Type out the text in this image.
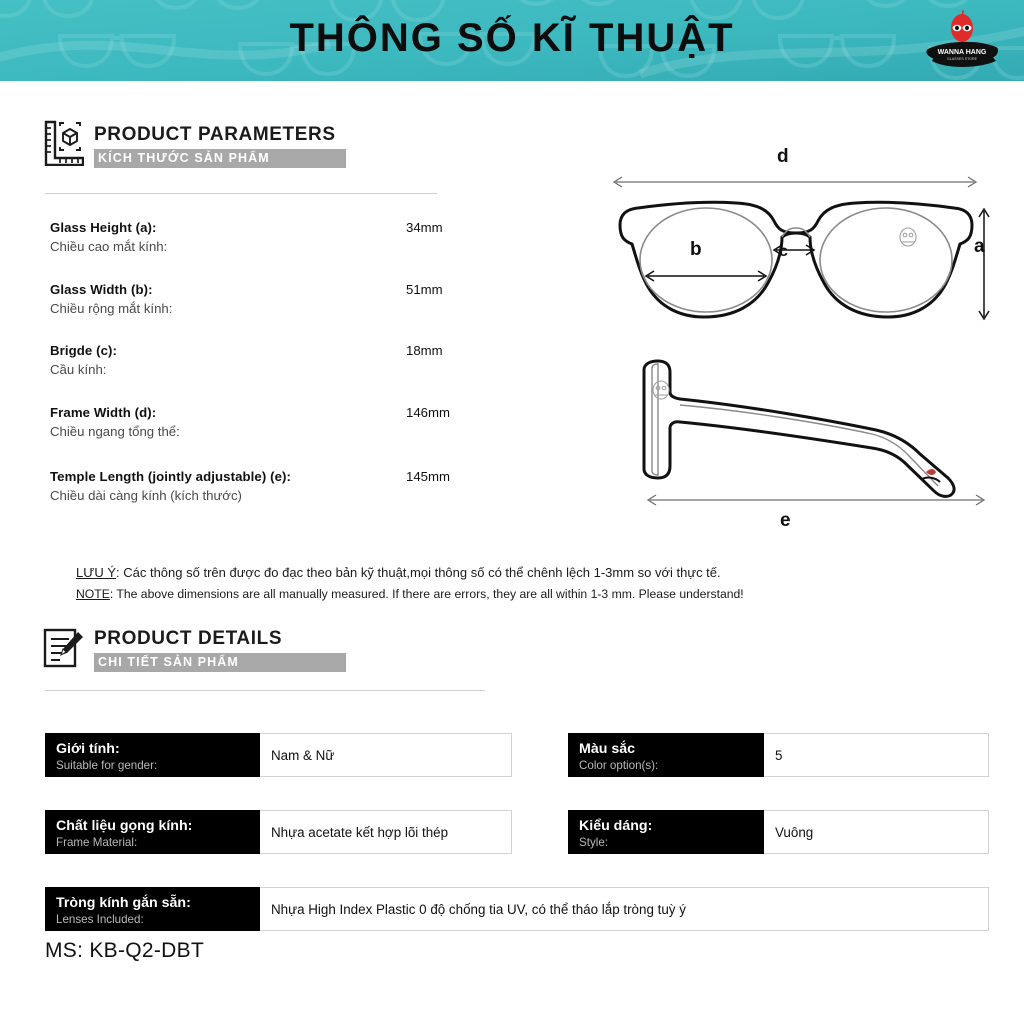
THÔNG SỐ KĨ THUẬT	WANNA HANG
GLASSES STORE
PRODUCT PARAMETERS
KÍCH THƯỚC SẢN PHẨM
Glass Height (a):
Chiều cao mắt kính:
34mm
Glass Width (b):
Chiều rộng mắt kính:
51mm
Brigde (c):
Cầu kính:
18mm
Frame Width (d):
Chiều ngang tổng thể:
146mm
Temple Length (jointly adjustable) (e):
Chiều dài càng kính (kích thước)
145mm
d
b	c	a
e
LƯU Ý: Các thông số trên được đo đạc theo bản kỹ thuật,mọi thông số có thể chênh lệch 1-3mm so với thực tế.
NOTE: The above dimensions are all manually measured. If there are errors, they are all within 1-3 mm. Please understand!
PRODUCT DETAILS
CHI TIẾT SẢN PHẨM
Giới tính:
Suitable for gender:
Nam & Nữ	Màu sắc
Color option(s):
5
Chất liệu gọng kính:
Frame Material:
Nhựa acetate kết hợp lõi thép	Kiểu dáng:
Style:
Vuông
Tròng kính gắn sẵn:
Lenses Included:
Nhựa High Index Plastic 0 độ chống tia UV, có thể tháo lắp tròng tuỳ ý
MS: KB-Q2-DBT
